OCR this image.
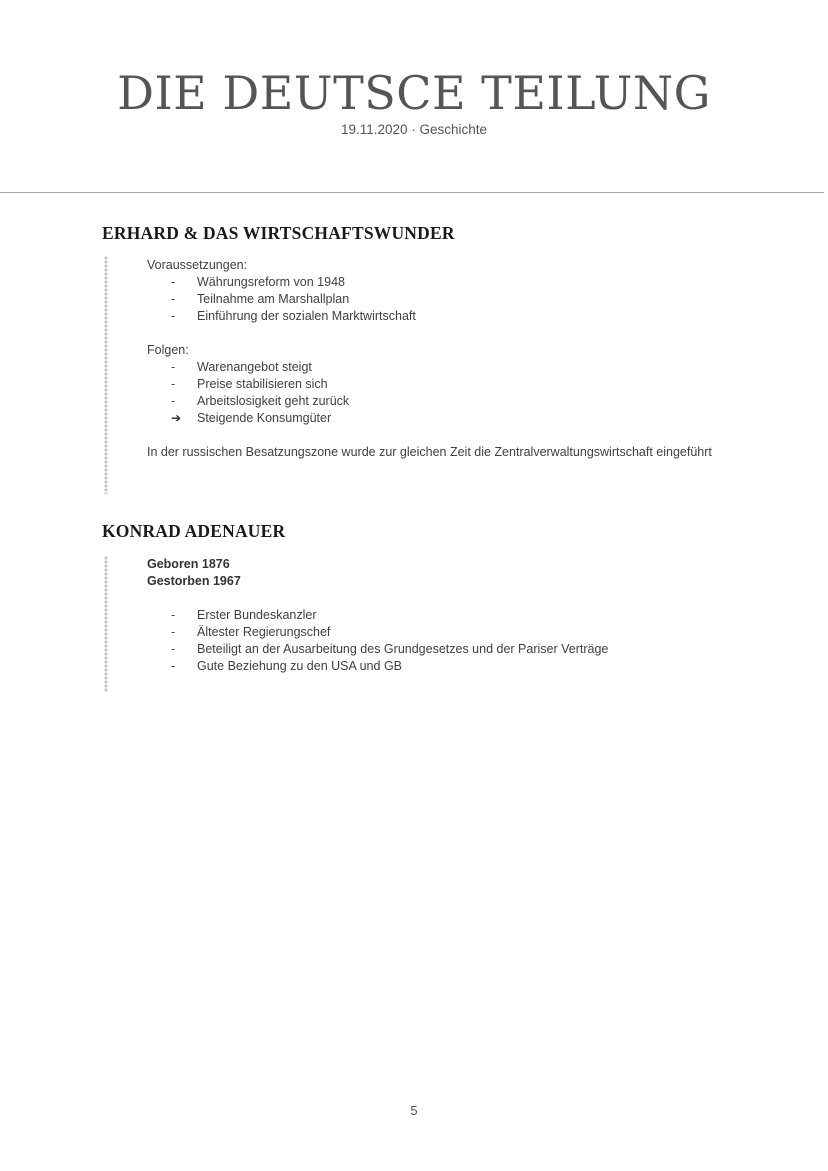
DIE DEUTSCE TEILUNG
19.11.2020 · Geschichte
ERHARD & DAS WIRTSCHAFTSWUNDER
Voraussetzungen:
-	Währungsreform von 1948
-	Teilnahme am Marshallplan
-	Einführung der sozialen Marktwirtschaft
Folgen:
-	Warenangebot steigt
-	Preise stabilisieren sich
-	Arbeitslosigkeit geht zurück
➔	Steigende Konsumgüter
In der russischen Besatzungszone wurde zur gleichen Zeit die Zentralverwaltungswirtschaft eingeführt
KONRAD ADENAUER
Geboren 1876
Gestorben 1967
-	Erster Bundeskanzler
-	Ältester Regierungschef
-	Beteiligt an der Ausarbeitung des Grundgesetzes und der Pariser Verträge
-	Gute Beziehung zu den USA und GB
5
